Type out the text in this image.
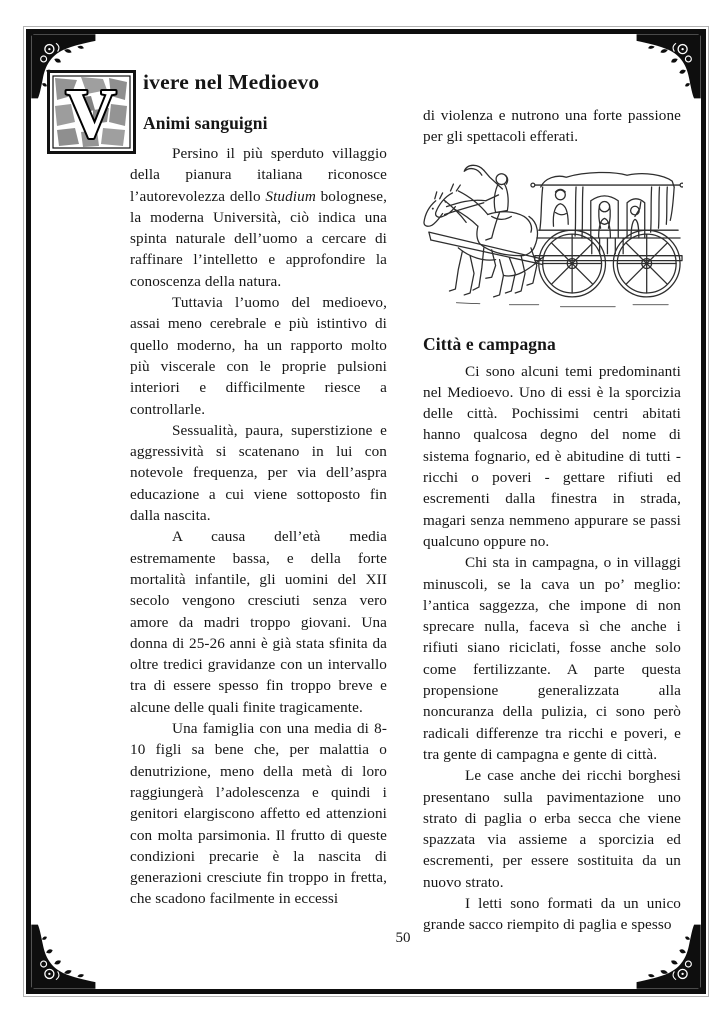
V ivere nel Medioevo
Animi sanguigni

Persino il più sperduto villaggio della pianura italiana riconosce l’autorevolezza dello Studium bolognese, la moderna Università, ciò indica una spinta naturale dell’uomo a cercare di raffinare l’intelletto e approfondire la conoscenza della natura.

Tuttavia l’uomo del medioevo, assai meno cerebrale e più istintivo di quello moderno, ha un rapporto molto più viscerale con le proprie pulsioni interiori e difficilmente riesce a controllarle.

Sessualità, paura, superstizione e aggressività si scatenano in lui con notevole frequenza, per via dell’aspra educazione a cui viene sottoposto fin dalla nascita.

A causa dell’età media estremamente bassa, e della forte mortalità infantile, gli uomini del XII secolo vengono cresciuti senza vero amore da madri troppo giovani. Una donna di 25-26 anni è già stata sfinita da oltre tredici gravidanze con un intervallo tra di essere spesso fin troppo breve e alcune delle quali finite tragicamente.

Una famiglia con una media di 8-10 figli sa bene che, per malattia o denutrizione, meno della metà di loro raggiungerà l’adolescenza e quindi i genitori elargiscono affetto ed attenzioni con molta parsimonia. Il frutto di queste condizioni precarie è la nascita di generazioni cresciute fin troppo in fretta, che scadono facilmente in eccessi

di violenza e nutrono una forte passione per gli spettacoli efferati.

Città e campagna

Ci sono alcuni temi predominanti nel Medioevo. Uno di essi è la sporcizia delle città. Pochissimi centri abitati hanno qualcosa degno del nome di sistema fognario, ed è abitudine di tutti - ricchi o poveri - gettare rifiuti ed escrementi dalla finestra in strada, magari senza nemmeno appurare se passi qualcuno oppure no.

Chi sta in campagna, o in villaggi minuscoli, se la cava un po’ meglio: l’antica saggezza, che impone di non sprecare nulla, faceva sì che anche i rifiuti siano riciclati, fosse anche solo come fertilizzante. A parte questa propensione generalizzata alla noncuranza della pulizia, ci sono però radicali differenze tra ricchi e poveri, e tra gente di campagna e gente di città.

Le case anche dei ricchi borghesi presentano sulla pavimentazione uno strato di paglia o erba secca che viene spazzata via assieme a sporcizia ed escrementi, per essere sostituita da un nuovo strato.

I letti sono formati da un unico grande sacco riempito di paglia e spesso

50
